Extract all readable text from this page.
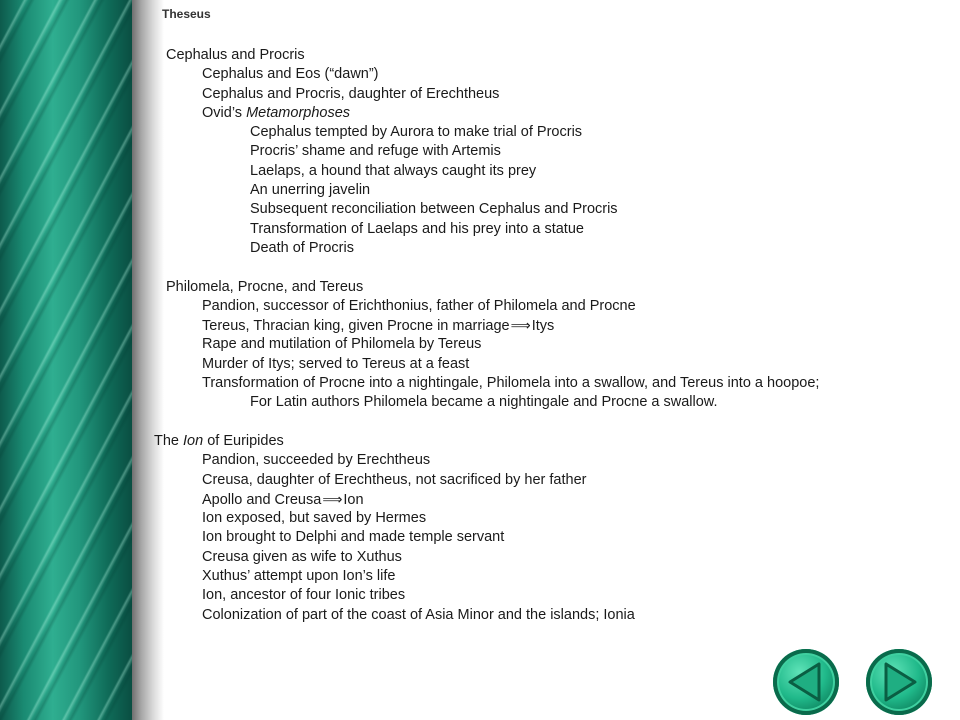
Theseus
Cephalus and Procris
Cephalus and Eos (“dawn”)
Cephalus and Procris, daughter of Erechtheus
Ovid’s Metamorphoses
Cephalus tempted by Aurora to make trial of Procris
Procris’ shame and refuge with Artemis
Laelaps, a hound that always caught its prey
An unerring javelin
Subsequent reconciliation between Cephalus and Procris
Transformation of Laelaps and his prey into a statue
Death of Procris
Philomela, Procne, and Tereus
Pandion, successor of Erichthonius, father of Philomela and Procne
Tereus, Thracian king, given Procne in marriage⟹Itys
Rape and mutilation of Philomela by Tereus
Murder of Itys; served to Tereus at a feast
Transformation of Procne into a nightingale, Philomela into a swallow, and Tereus into a hoopoe;
For Latin authors Philomela became a nightingale and Procne a swallow.
The Ion of Euripides
Pandion, succeeded by Erechtheus
Creusa, daughter of Erechtheus, not sacrificed by her father
Apollo and Creusa⟹Ion
Ion exposed, but saved by Hermes
Ion brought to Delphi and made temple servant
Creusa given as wife to Xuthus
Xuthus’ attempt upon Ion’s life
Ion, ancestor of four Ionic tribes
Colonization of part of the coast of Asia Minor and the islands; Ionia
